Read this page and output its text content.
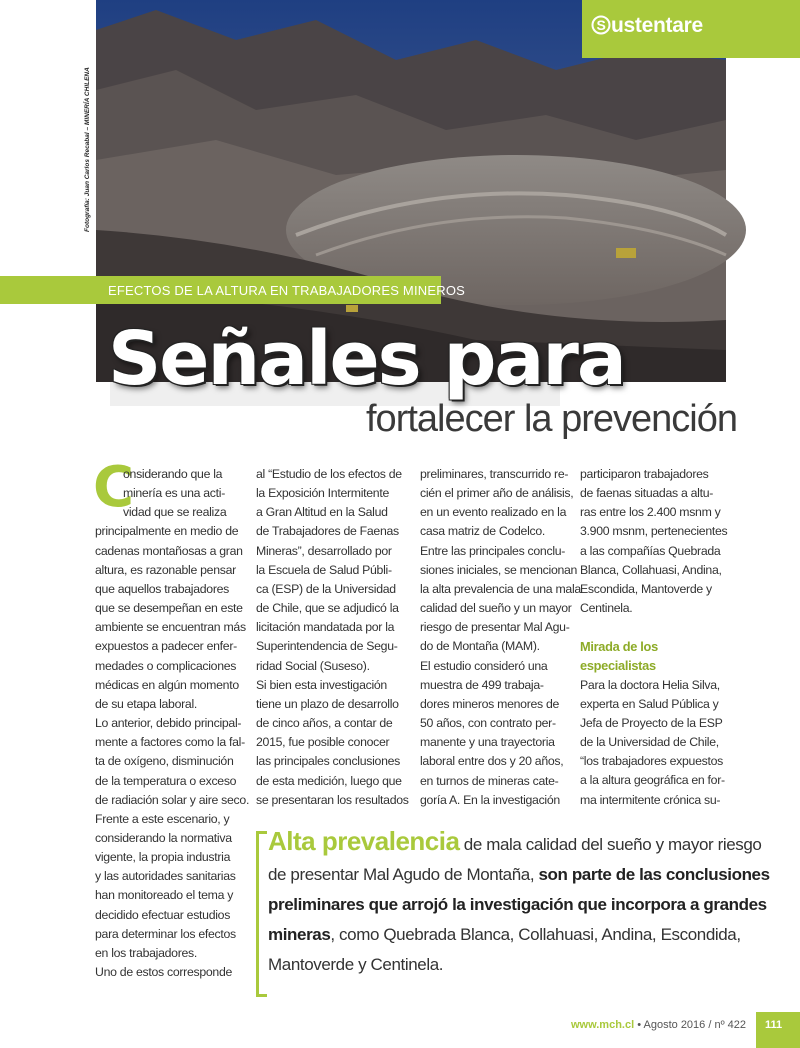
Fotografía: Juan Carlos Recabal – MINERÍA CHILENA
S ustentare
EFECTOS DE LA ALTURA EN TRABAJADORES MINEROS
Señales para
fortalecer la prevención
C
onsiderando que la
minería es una acti-
vidad que se realiza
principalmente en medio de
cadenas montañosas a gran
altura, es razonable pensar
que aquellos trabajadores
que se desempeñan en este
ambiente se encuentran más
expuestos a padecer enfer-
medades o complicaciones
médicas en algún momento
de su etapa laboral.
Lo anterior, debido principal-
mente a factores como la fal-
ta de oxígeno, disminución
de la temperatura o exceso
de radiación solar y aire seco.
Frente a este escenario, y
considerando la normativa
vigente, la propia industria
y las autoridades sanitarias
han monitoreado el tema y
decidido efectuar estudios
para determinar los efectos
en los trabajadores.
Uno de estos corresponde
al “Estudio de los efectos de
la Exposición Intermitente
a Gran Altitud en la Salud
de Trabajadores de Faenas
Mineras”, desarrollado por
la Escuela de Salud Públi-
ca (ESP) de la Universidad
de Chile, que se adjudicó la
licitación mandatada por la
Superintendencia de Segu-
ridad Social (Suseso).
Si bien esta investigación
tiene un plazo de desarrollo
de cinco años, a contar de
2015, fue posible conocer
las principales conclusiones
de esta medición, luego que
se presentaran los resultados
preliminares, transcurrido re-
cién el primer año de análisis,
en un evento realizado en la
casa matriz de Codelco.
Entre las principales conclu-
siones iniciales, se mencionan
la alta prevalencia de una mala
calidad del sueño y un mayor
riesgo de presentar Mal Agu-
do de Montaña (MAM).
El estudio consideró una
muestra de 499 trabaja-
dores mineros menores de
50 años, con contrato per-
manente y una trayectoria
laboral entre dos y 20 años,
en turnos de mineras cate-
goría A. En la investigación
participaron trabajadores
de faenas situadas a altu-
ras entre los 2.400 msnm y
3.900 msnm, pertenecientes
a las compañías Quebrada
Blanca, Collahuasi, Andina,
Escondida, Mantoverde y
Centinela.
Mirada de los
especialistas
Para la doctora Helia Silva,
experta en Salud Pública y
Jefa de Proyecto de la ESP
de la Universidad de Chile,
“los trabajadores expuestos
a la altura geográfica en for-
ma intermitente crónica su-
Alta prevalencia de mala calidad del sueño y mayor riesgo
de presentar Mal Agudo de Montaña, son parte de las conclusiones
preliminares que arrojó la investigación que incorpora a grandes
mineras, como Quebrada Blanca, Collahuasi, Andina, Escondida,
Mantoverde y Centinela.
www.mch.cl • Agosto 2016 / nº 422 111
